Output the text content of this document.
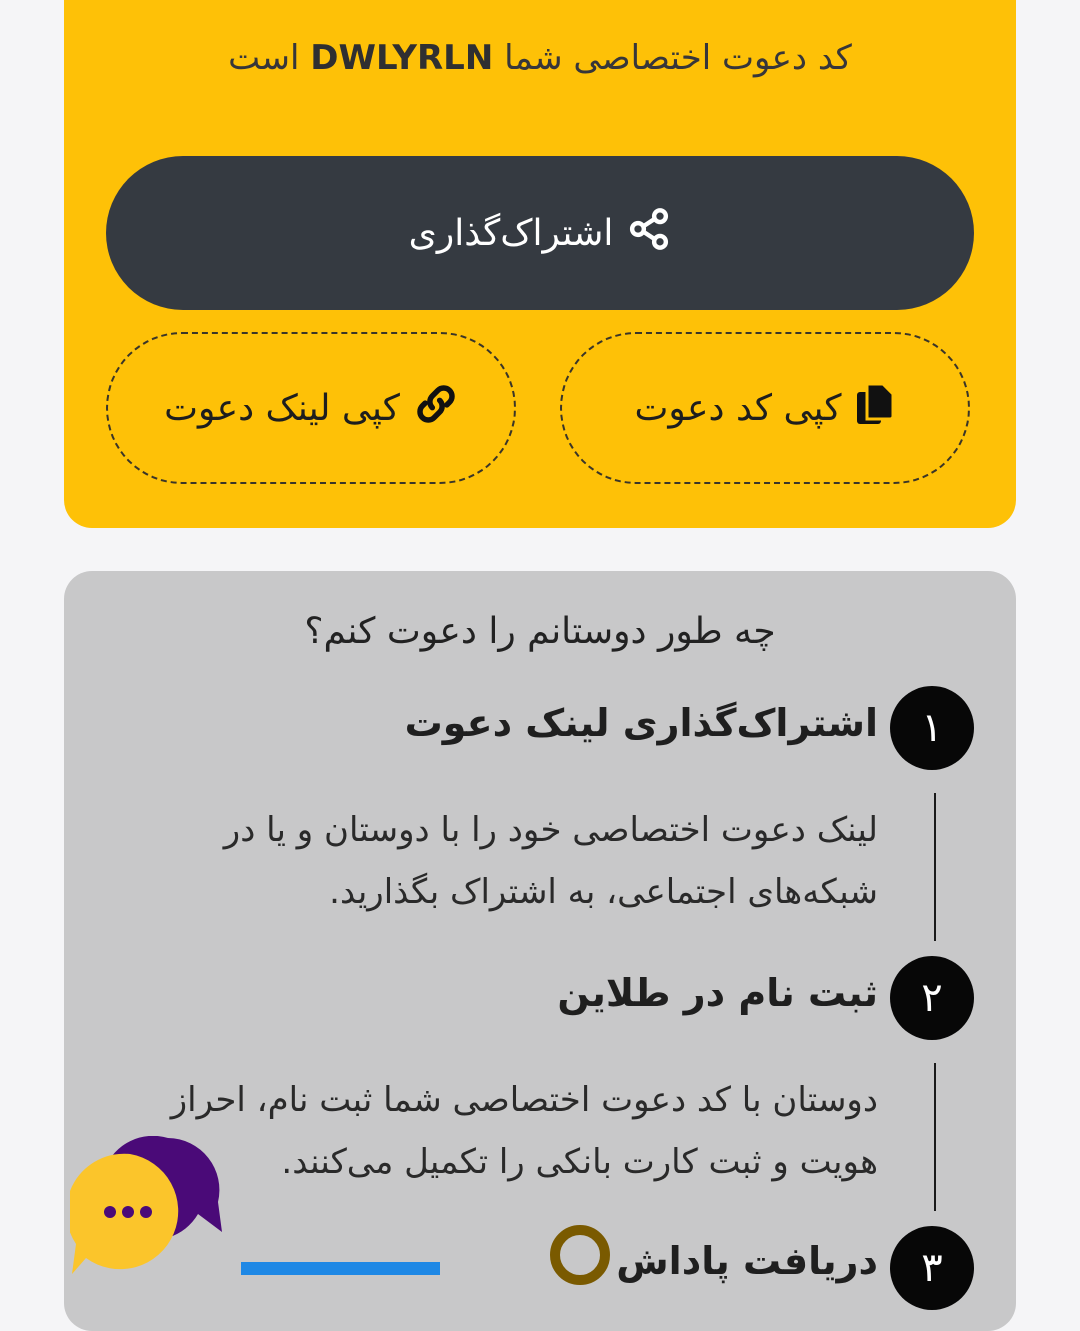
کد دعوت اختصاصی شما DWLYRLN است
اشتراک‌گذاری
کپی کد دعوت
کپی لینک دعوت
چه طور دوستانم را دعوت کنم؟
۱
اشتراک‌گذاری لینک دعوت
لینک دعوت اختصاصی خود را با دوستان و یا در شبکه‌های اجتماعی، به اشتراک بگذارید.
۲
ثبت نام در طلاین
دوستان با کد دعوت اختصاصی شما ثبت نام، احراز هویت و ثبت کارت بانکی را تکمیل می‌کنند.
۳
دریافت پاداش
